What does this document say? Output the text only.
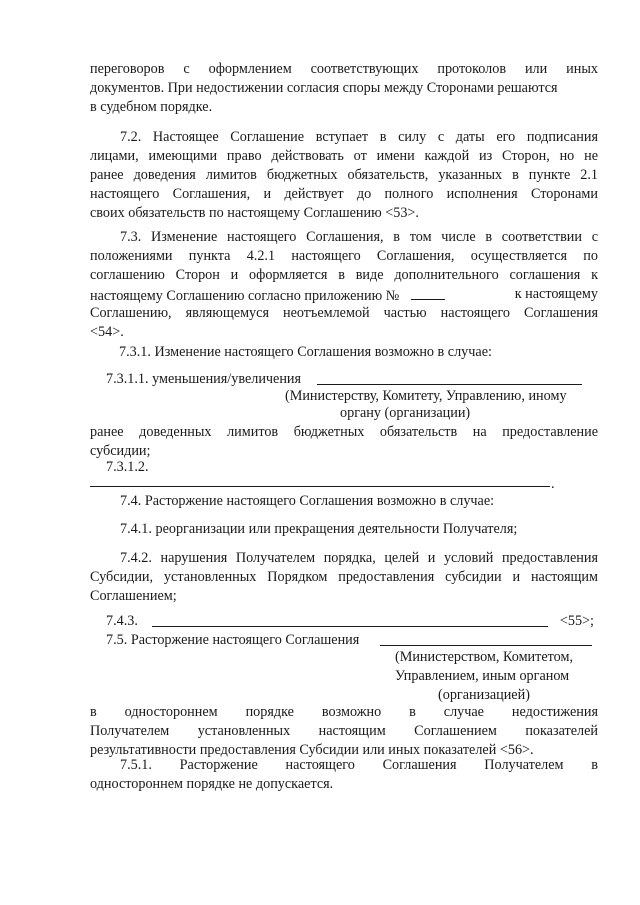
переговоров с оформлением соответствующих протоколов или иных
документов. При недостижении согласия споры между Сторонами решаются
в судебном порядке.
7.2. Настоящее Соглашение вступает в силу с даты его подписания
лицами, имеющими право действовать от имени каждой из Сторон, но не
ранее доведения лимитов бюджетных обязательств, указанных в пункте 2.1
настоящего Соглашения, и действует до полного исполнения Сторонами
своих обязательств по настоящему Соглашению <53>.
7.3. Изменение настоящего Соглашения, в том числе в соответствии с
положениями пункта 4.2.1 настоящего Соглашения, осуществляется по
соглашению Сторон и оформляется в виде дополнительного соглашения к
настоящему Соглашению согласно приложению №	к настоящему
Соглашению, являющемуся неотъемлемой частью настоящего Соглашения
<54>.
7.3.1. Изменение настоящего Соглашения возможно в случае:
7.3.1.1. уменьшения/увеличения
(Министерству, Комитету, Управлению, иному
органу (организации)
ранее доведенных лимитов бюджетных обязательств на предоставление
субсидии;
7.3.1.2.
.
7.4. Расторжение настоящего Соглашения возможно в случае:
7.4.1. реорганизации или прекращения деятельности Получателя;
7.4.2. нарушения Получателем порядка, целей и условий предоставления
Субсидии, установленных Порядком предоставления субсидии и настоящим
Соглашением;
7.4.3.	<55>;
7.5. Расторжение настоящего Соглашения
(Министерством, Комитетом,
Управлением, иным органом
(организацией)
в одностороннем порядке возможно в случае недостижения
Получателем установленных настоящим Соглашением показателей
результативности предоставления Субсидии или иных показателей <56>.
7.5.1. Расторжение настоящего Соглашения Получателем в
одностороннем порядке не допускается.
